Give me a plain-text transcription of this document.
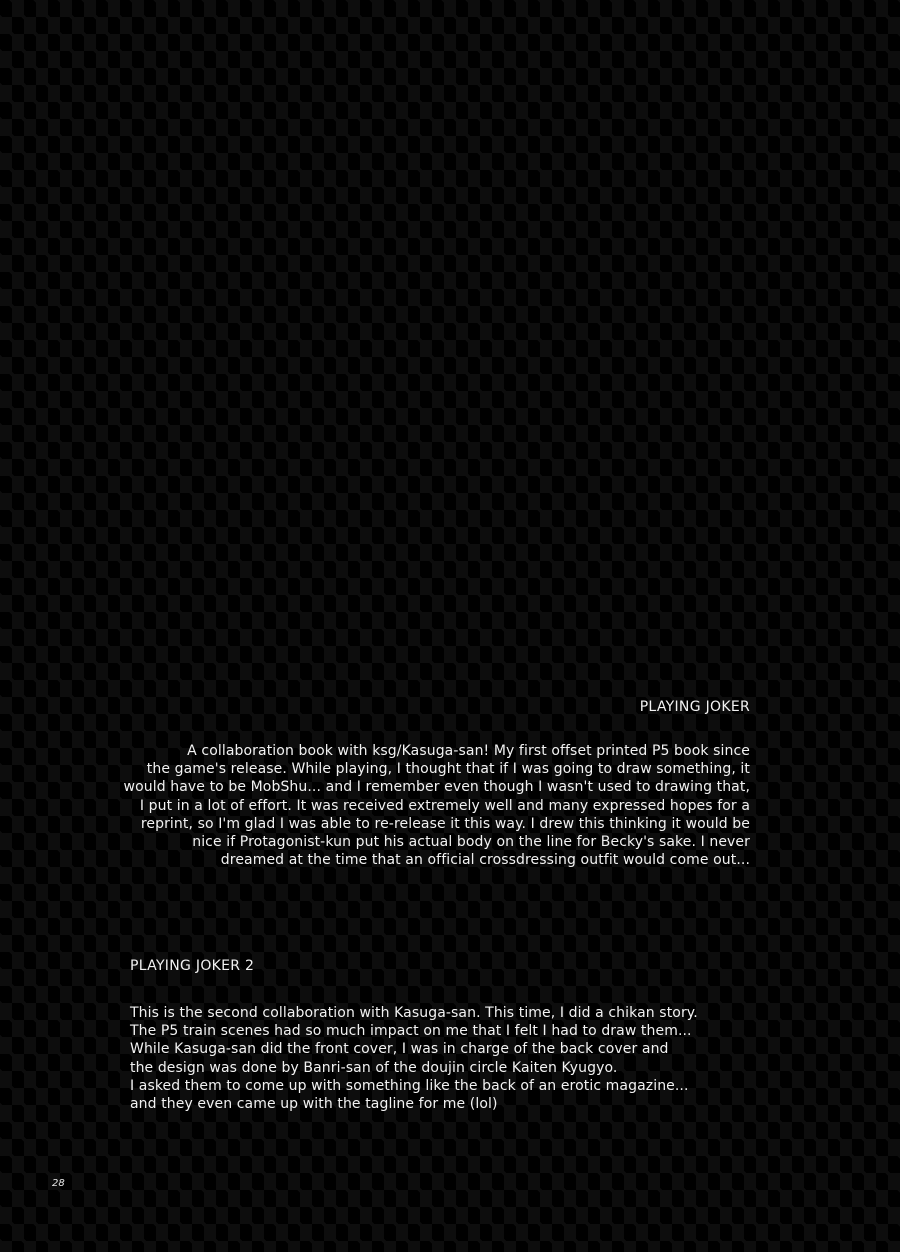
PLAYING JOKER
A collaboration book with ksg/Kasuga-san! My first offset printed P5 book since
the game's release. While playing, I thought that if I was going to draw something, it
would have to be MobShu... and I remember even though I wasn't used to drawing that,
I put in a lot of effort. It was received extremely well and many expressed hopes for a
reprint, so I'm glad I was able to re-release it this way. I drew this thinking it would be
nice if Protagonist-kun put his actual body on the line for Becky's sake. I never
dreamed at the time that an official crossdressing outfit would come out...
PLAYING JOKER 2
This is the second collaboration with Kasuga-san. This time, I did a chikan story.
The P5 train scenes had so much impact on me that I felt I had to draw them...
While Kasuga-san did the front cover, I was in charge of the back cover and
the design was done by Banri-san of the doujin circle Kaiten Kyugyo.
I asked them to come up with something like the back of an erotic magazine...
and they even came up with the tagline for me (lol)

28
